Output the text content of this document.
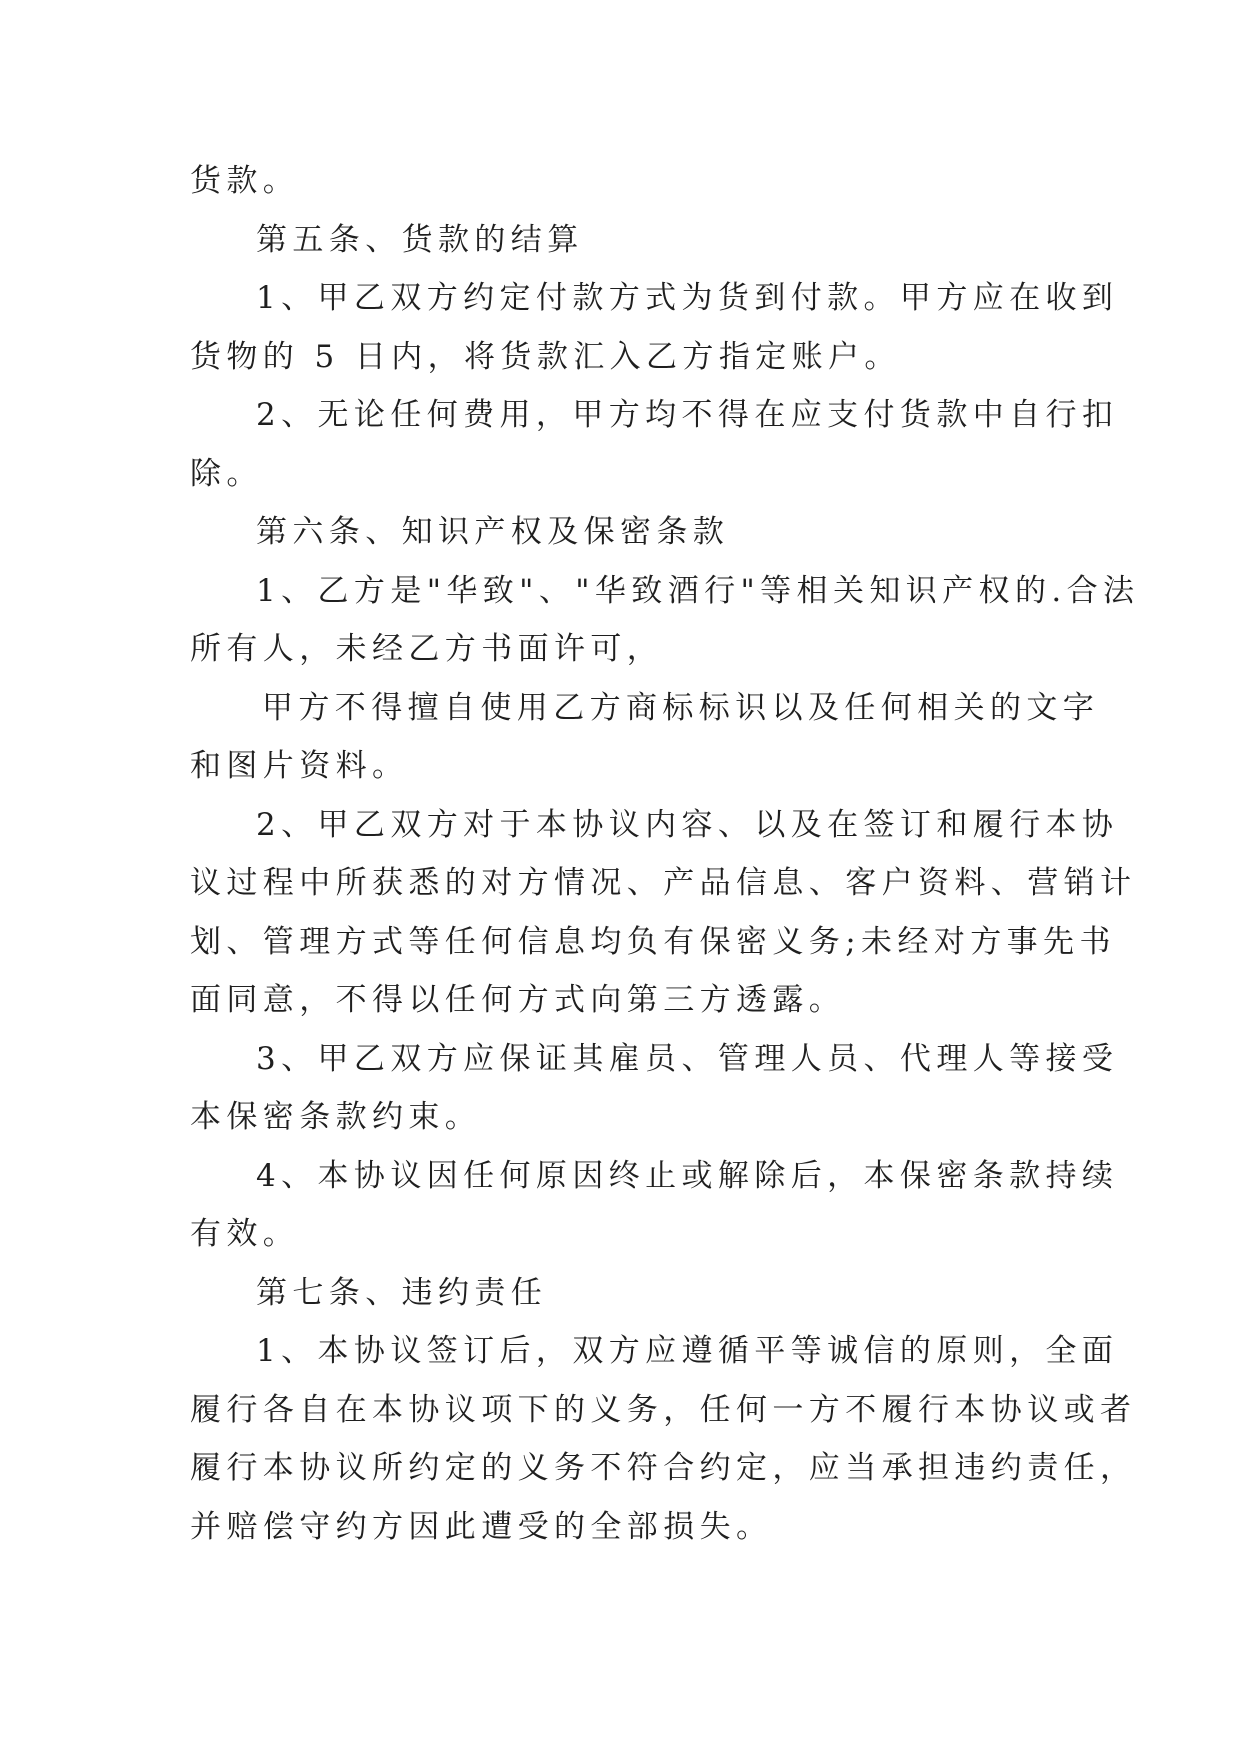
货款。
第五条、货款的结算
1、甲乙双方约定付款方式为货到付款。甲方应在收到
货物的 5 日内，将货款汇入乙方指定账户。
2、无论任何费用，甲方均不得在应支付货款中自行扣
除。
第六条、知识产权及保密条款
1、乙方是"华致"、"华致酒行"等相关知识产权的.合法
所有人，未经乙方书面许可，
甲方不得擅自使用乙方商标标识以及任何相关的文字
和图片资料。
2、甲乙双方对于本协议内容、以及在签订和履行本协
议过程中所获悉的对方情况、产品信息、客户资料、营销计
划、管理方式等任何信息均负有保密义务;未经对方事先书
面同意，不得以任何方式向第三方透露。
3、甲乙双方应保证其雇员、管理人员、代理人等接受
本保密条款约束。
4、本协议因任何原因终止或解除后，本保密条款持续
有效。
第七条、违约责任
1、本协议签订后，双方应遵循平等诚信的原则，全面
履行各自在本协议项下的义务，任何一方不履行本协议或者
履行本协议所约定的义务不符合约定，应当承担违约责任，
并赔偿守约方因此遭受的全部损失。
